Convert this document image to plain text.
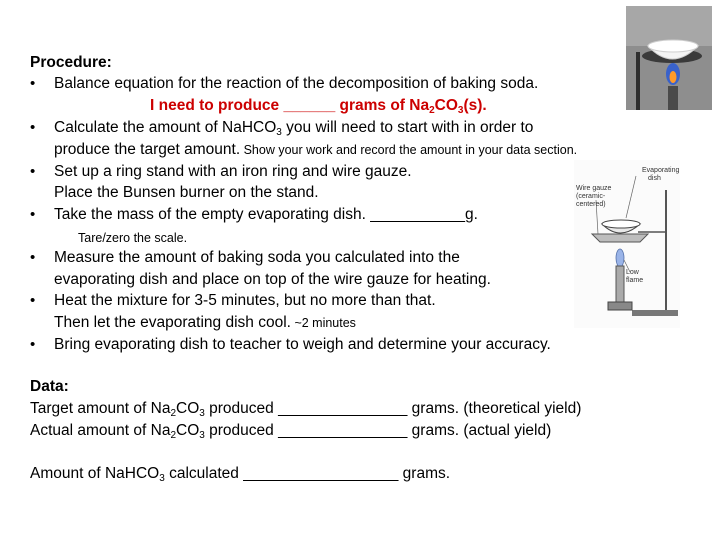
Evaporating
dish
Wire gauze
(ceramic-
centered)
Low
flame
Procedure:
• Balance equation for the reaction of the decomposition of baking soda.
I need to produce ______ grams of $Na_2CO_3(s)$.
• Calculate the amount of NaHCO$_3$ you will need to start with in order to
produce the target amount. Show your work and record the amount in your data section.
• Set up a ring stand with an iron ring and wire gauze.
Place the Bunsen burner on the stand.
• Take the mass of the empty evaporating dish. ___________g.
Tare/zero the scale.
• Measure the amount of baking soda you calculated into the
evaporating dish and place on top of the wire gauze for heating.
• Heat the mixture for 3-5 minutes, but no more than that.
Then let the evaporating dish cool. ~2 minutes
• Bring evaporating dish to teacher to weigh and determine your accuracy.
Data:
Target amount of $Na_2CO_3$ produced _______________ grams. (theoretical yield)
Actual amount of $Na_2CO_3$ produced _______________ grams. (actual yield)
Amount of NaHCO$_3$ calculated __________________ grams.
